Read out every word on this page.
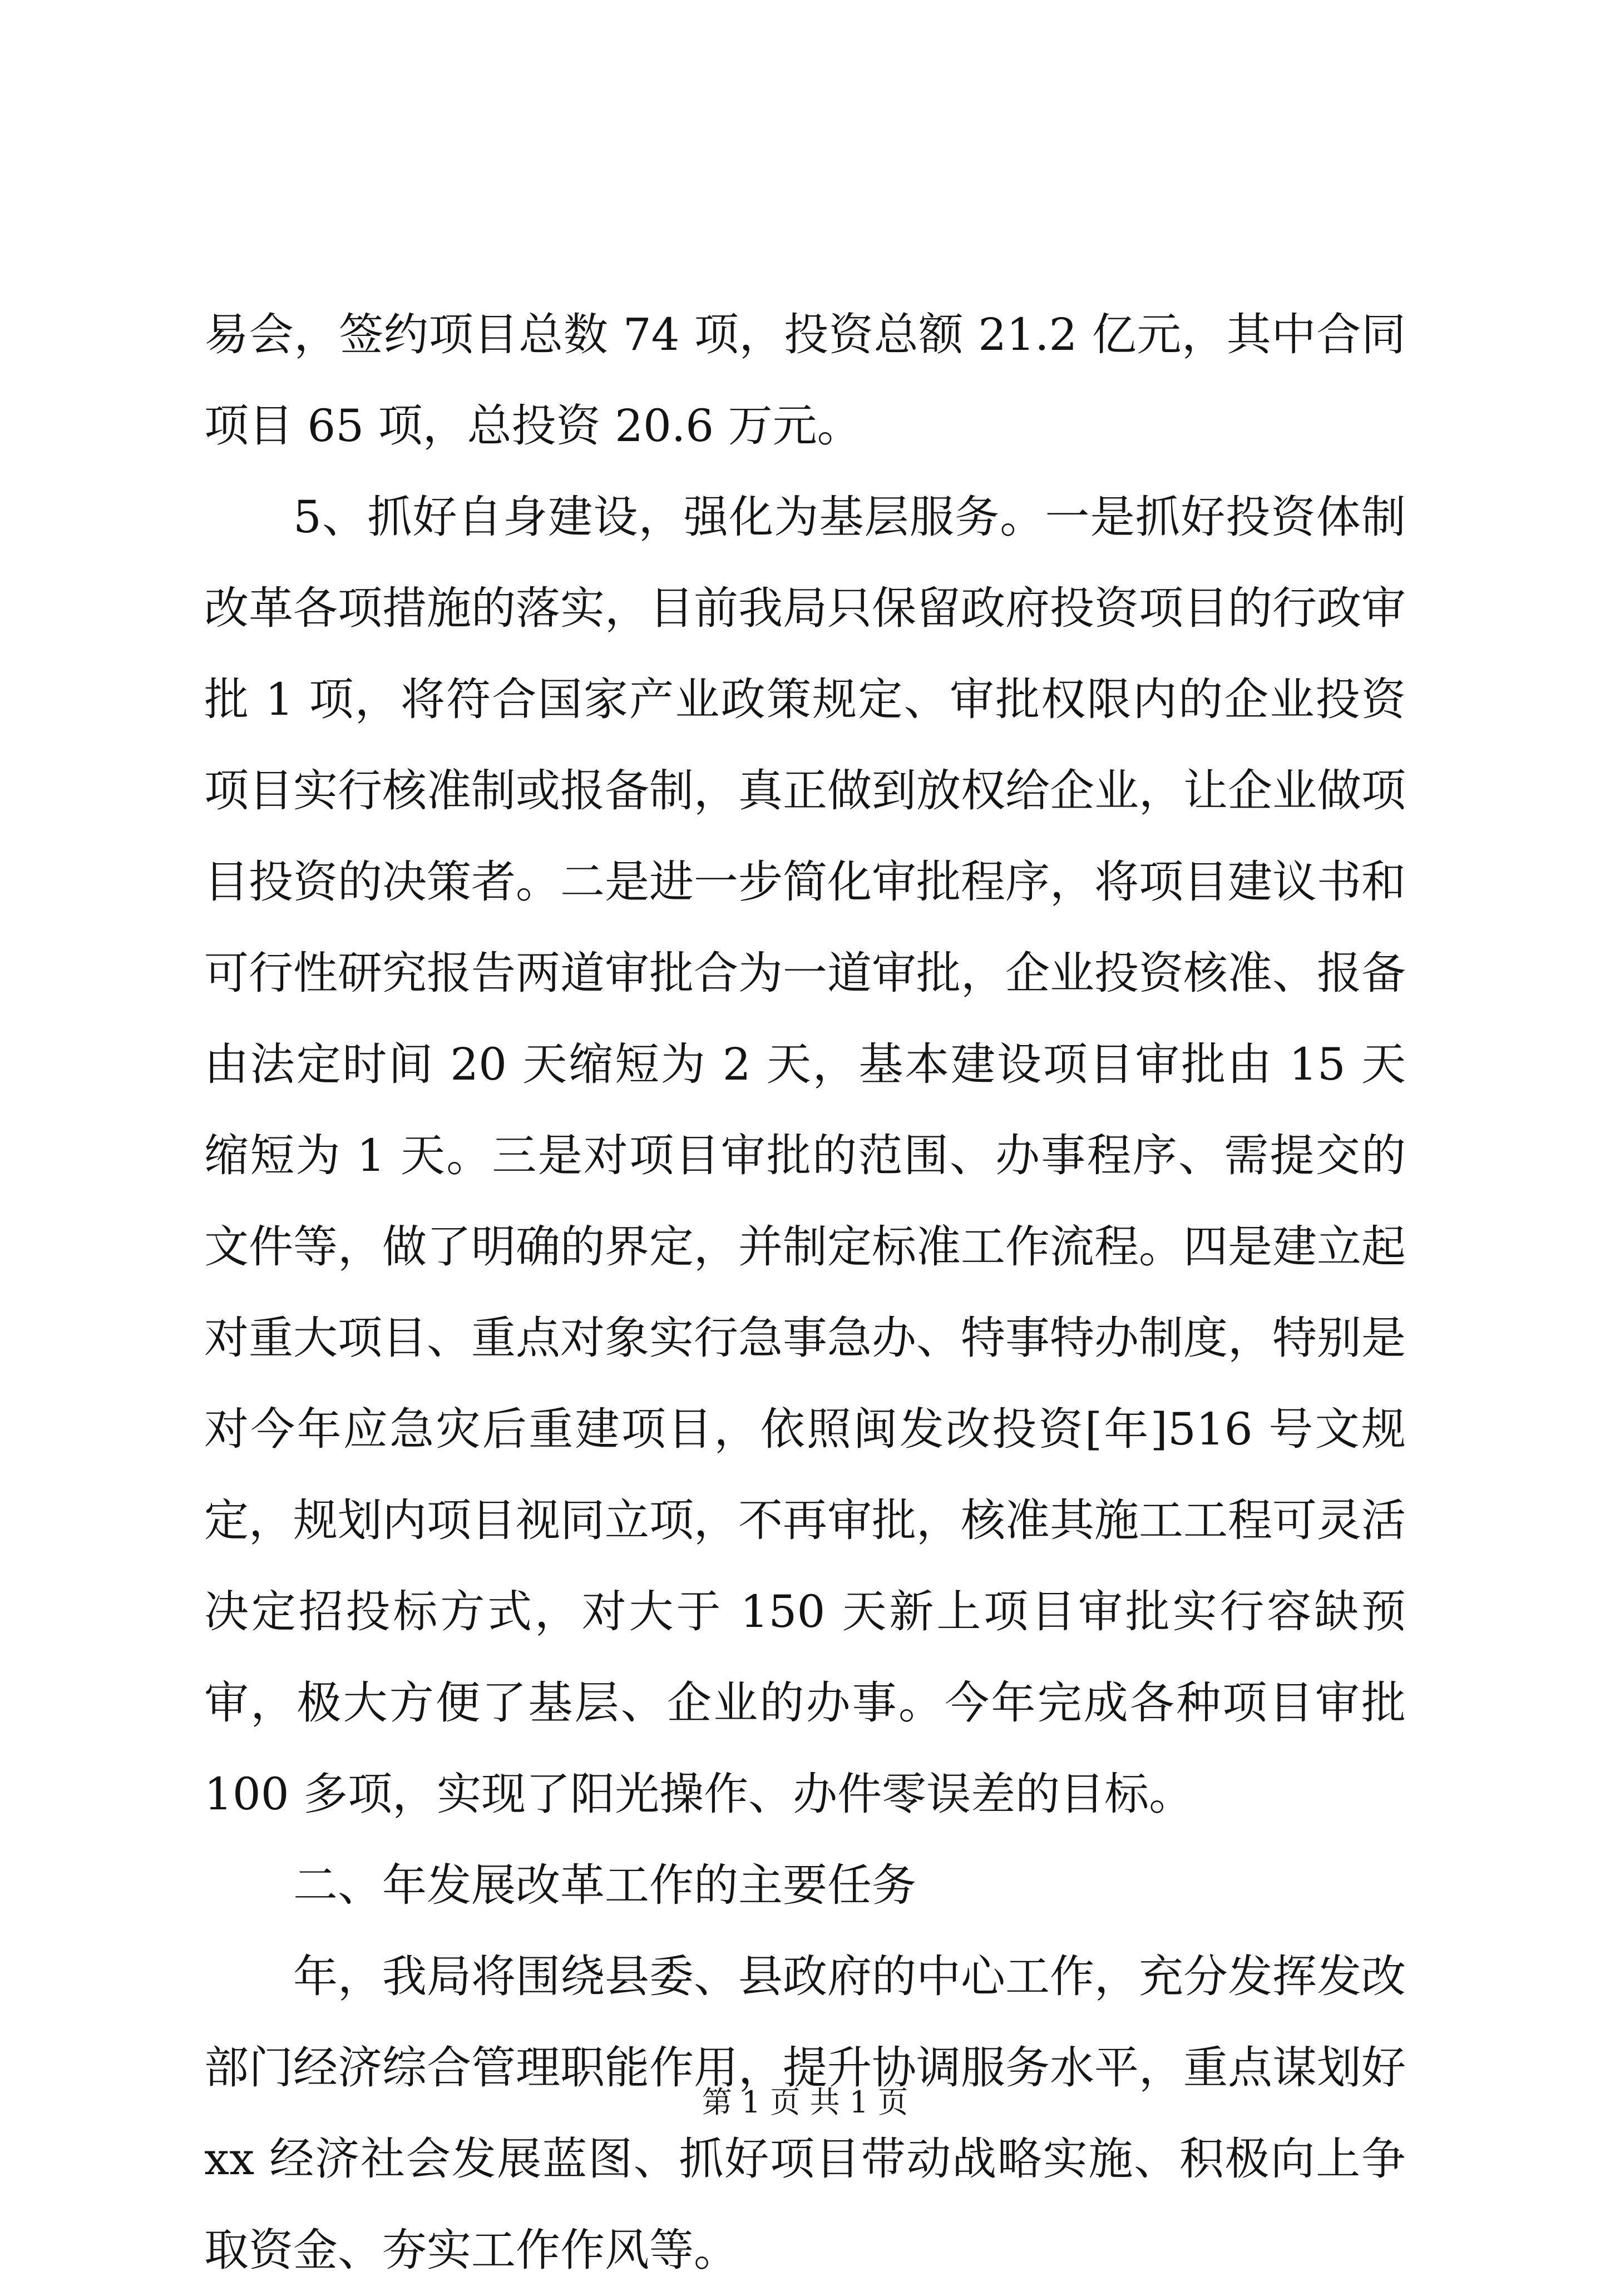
易会，签约项目总数 74 项，投资总额 21.2 亿元，其中合同项目 65 项，总投资 20.6 万元。

5、抓好自身建设，强化为基层服务。一是抓好投资体制改革各项措施的落实，目前我局只保留政府投资项目的行政审批 1 项，将符合国家产业政策规定、审批权限内的企业投资项目实行核准制或报备制，真正做到放权给企业，让企业做项目投资的决策者。二是进一步简化审批程序，将项目建议书和可行性研究报告两道审批合为一道审批，企业投资核准、报备由法定时间 20 天缩短为 2 天，基本建设项目审批由 15 天缩短为 1 天。三是对项目审批的范围、办事程序、需提交的文件等，做了明确的界定，并制定标准工作流程。四是建立起对重大项目、重点对象实行急事急办、特事特办制度，特别是对今年应急灾后重建项目，依照闽发改投资[年]516 号文规定，规划内项目视同立项，不再审批，核准其施工工程可灵活决定招投标方式，对大于 150 天新上项目审批实行容缺预审，极大方便了基层、企业的办事。今年完成各种项目审批 100 多项，实现了阳光操作、办件零误差的目标。

二、年发展改革工作的主要任务

年，我局将围绕县委、县政府的中心工作，充分发挥发改部门经济综合管理职能作用，提升协调服务水平，重点谋划好 xx 经济社会发展蓝图、抓好项目带动战略实施、积极向上争取资金、夯实工作作风等。

第 1 页 共 1 页
